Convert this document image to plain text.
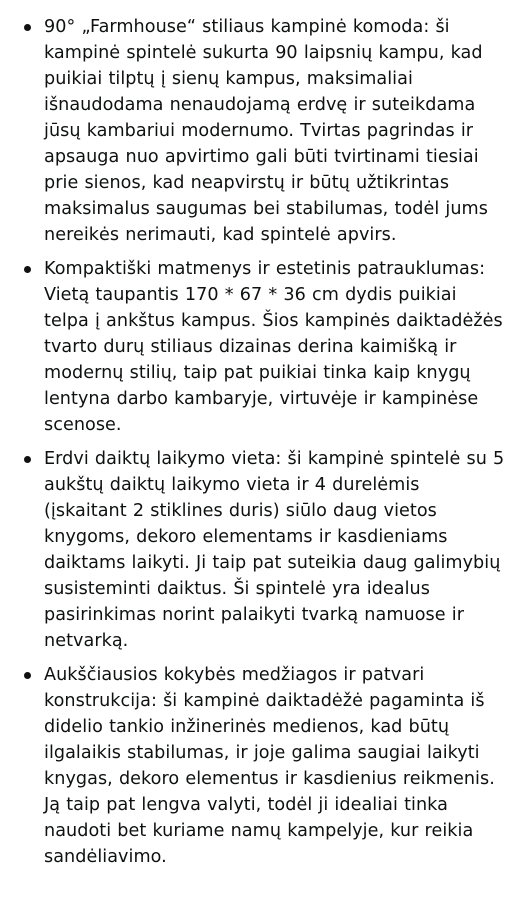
90° „Farmhouse“ stiliaus kampinė komoda: ši kampinė spintelė sukurta 90 laipsnių kampu, kad puikiai tilptų į sienų kampus, maksimaliai išnaudodama nenaudojamą erdvę ir suteikdama jūsų kambariui modernumo. Tvirtas pagrindas ir apsauga nuo apvirtimo gali būti tvirtinami tiesiai prie sienos, kad neapvirstų ir būtų užtikrintas maksimalus saugumas bei stabilumas, todėl jums nereikės nerimauti, kad spintelė apvirs.
Kompaktiški matmenys ir estetinis patrauklumas: Vietą taupantis 170 * 67 * 36 cm dydis puikiai telpa į ankštus kampus. Šios kampinės daiktadėžės tvarto durų stiliaus dizainas derina kaimišką ir modernų stilių, taip pat puikiai tinka kaip knygų lentyna darbo kambaryje, virtuvėje ir kampinėse scenose.
Erdvi daiktų laikymo vieta: ši kampinė spintelė su 5 aukštų daiktų laikymo vieta ir 4 durelėmis (įskaitant 2 stiklines duris) siūlo daug vietos knygoms, dekoro elementams ir kasdieniams daiktams laikyti. Ji taip pat suteikia daug galimybių susisteminti daiktus. Ši spintelė yra idealus pasirinkimas norint palaikyti tvarką namuose ir netvarką.
Aukščiausios kokybės medžiagos ir patvari konstrukcija: ši kampinė daiktadėžė pagaminta iš didelio tankio inžinerinės medienos, kad būtų ilgalaikis stabilumas, ir joje galima saugiai laikyti knygas, dekoro elementus ir kasdienius reikmenis. Ją taip pat lengva valyti, todėl ji idealiai tinka naudoti bet kuriame namų kampelyje, kur reikia sandėliavimo.
